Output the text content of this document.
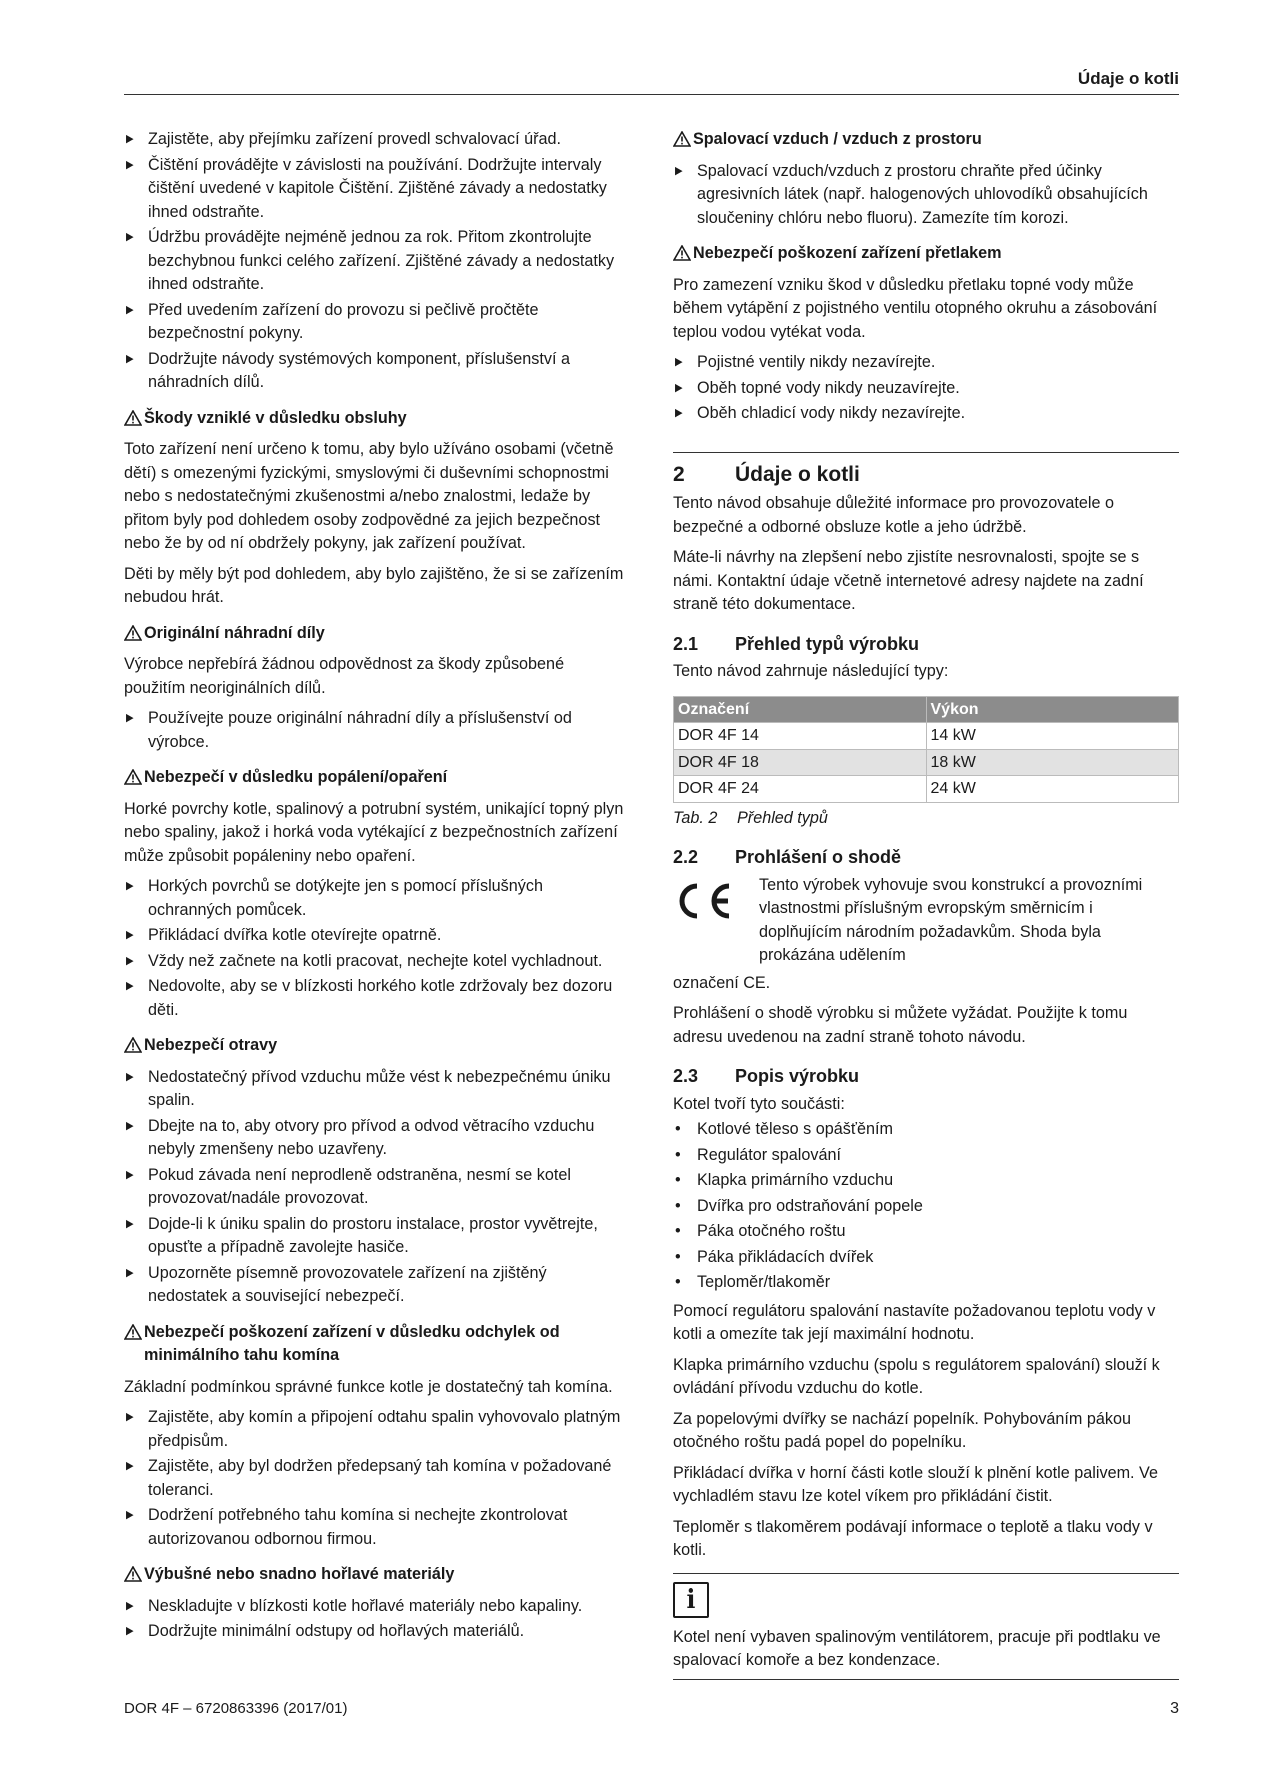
Údaje o kotli
▶ Zajistěte, aby přejímku zařízení provedl schvalovací úřad.
▶ Čištění provádějte v závislosti na používání. Dodržujte intervaly čištění uvedené v kapitole Čištění. Zjištěné závady a nedostatky ihned odstraňte.
▶ Údržbu provádějte nejméně jednou za rok. Přitom zkontrolujte bezchybnou funkci celého zařízení. Zjištěné závady a nedostatky ihned odstraňte.
▶ Před uvedením zařízení do provozu si pečlivě pročtěte bezpečnostní pokyny.
▶ Dodržujte návody systémových komponent, příslušenství a náhradních dílů.
Škody vzniklé v důsledku obsluhy

Toto zařízení není určeno k tomu, aby bylo užíváno osobami (včetně dětí) s omezenými fyzickými, smyslovými či duševními schopnostmi nebo s nedostatečnými zkušenostmi a/nebo znalostmi, ledaže by přitom byly pod dohledem osoby zodpovědné za jejich bezpečnost nebo že by od ní obdržely pokyny, jak zařízení používat.

Děti by měly být pod dohledem, aby bylo zajištěno, že si se zařízením nebudou hrát.

Originální náhradní díly

Výrobce nepřebírá žádnou odpovědnost za škody způsobené použitím neoriginálních dílů.

▶ Používejte pouze originální náhradní díly a příslušenství od výrobce.
Nebezpečí v důsledku popálení/opaření

Horké povrchy kotle, spalinový a potrubní systém, unikající topný plyn nebo spaliny, jakož i horká voda vytékající z bezpečnostních zařízení může způsobit popáleniny nebo opaření.

▶ Horkých povrchů se dotýkejte jen s pomocí příslušných ochranných pomůcek.
▶ Přikládací dvířka kotle otevírejte opatrně.
▶ Vždy než začnete na kotli pracovat, nechejte kotel vychladnout.
▶ Nedovolte, aby se v blízkosti horkého kotle zdržovaly bez dozoru děti.
Nebezpečí otravy
▶ Nedostatečný přívod vzduchu může vést k nebezpečnému úniku spalin.
▶ Dbejte na to, aby otvory pro přívod a odvod větracího vzduchu nebyly zmenšeny nebo uzavřeny.
▶ Pokud závada není neprodleně odstraněna, nesmí se kotel provozovat/nadále provozovat.
▶ Dojde-li k úniku spalin do prostoru instalace, prostor vyvětrejte, opusťte a případně zavolejte hasiče.
▶ Upozorněte písemně provozovatele zařízení na zjištěný nedostatek a související nebezpečí.
Nebezpečí poškození zařízení v důsledku odchylek od minimálního tahu komína

Základní podmínkou správné funkce kotle je dostatečný tah komína.

▶ Zajistěte, aby komín a připojení odtahu spalin vyhovovalo platným předpisům.
▶ Zajistěte, aby byl dodržen předepsaný tah komína v požadované toleranci.
▶ Dodržení potřebného tahu komína si nechejte zkontrolovat autorizovanou odbornou firmou.
Výbušné nebo snadno hořlavé materiály
▶ Neskladujte v blízkosti kotle hořlavé materiály nebo kapaliny.
▶ Dodržujte minimální odstupy od hořlavých materiálů.
Spalovací vzduch / vzduch z prostoru
▶ Spalovací vzduch/vzduch z prostoru chraňte před účinky agresivních látek (např. halogenových uhlovodíků obsahujících sloučeniny chlóru nebo fluoru). Zamezíte tím korozi.
Nebezpečí poškození zařízení přetlakem

Pro zamezení vzniku škod v důsledku přetlaku topné vody může během vytápění z pojistného ventilu otopného okruhu a zásobování teplou vodou vytékat voda.

▶ Pojistné ventily nikdy nezavírejte.
▶ Oběh topné vody nikdy neuzavírejte.
▶ Oběh chladicí vody nikdy nezavírejte.
2 Údaje o kotli

Tento návod obsahuje důležité informace pro provozovatele o bezpečné a odborné obsluze kotle a jeho údržbě.

Máte-li návrhy na zlepšení nebo zjistíte nesrovnalosti, spojte se s námi. Kontaktní údaje včetně internetové adresy najdete na zadní straně této dokumentace.

2.1 Přehled typů výrobku

Tento návod zahrnuje následující typy:

Označení	Výkon
DOR 4F 14	14 kW
DOR 4F 18	18 kW
DOR 4F 24	24 kW
Tab. 2 Přehled typů
2.2 Prohlášení o shodě
Tento výrobek vyhovuje svou konstrukcí a provozními vlastnostmi příslušným evropským směrnicím i doplňujícím národním požadavkům. Shoda byla prokázána udělením

označení CE.

Prohlášení o shodě výrobku si můžete vyžádat. Použijte k tomu adresu uvedenou na zadní straně tohoto návodu.

2.3 Popis výrobku

Kotel tvoří tyto součásti:

• Kotlové těleso s opášťěním
• Regulátor spalování
• Klapka primárního vzduchu
• Dvířka pro odstraňování popele
• Páka otočného roštu
• Páka přikládacích dvířek
• Teploměr/tlakoměr

Pomocí regulátoru spalování nastavíte požadovanou teplotu vody v kotli a omezíte tak její maximální hodnotu.

Klapka primárního vzduchu (spolu s regulátorem spalování) slouží k ovládání přívodu vzduchu do kotle.

Za popelovými dvířky se nachází popelník. Pohybováním pákou otočného roštu padá popel do popelníku.

Přikládací dvířka v horní části kotle slouží k plnění kotle palivem. Ve vychladlém stavu lze kotel víkem pro přikládání čistit.

Teploměr s tlakoměrem podávají informace o teplotě a tlaku vody v kotli.

i
Kotel není vybaven spalinovým ventilátorem, pracuje při podtlaku ve spalovací komoře a bez kondenzace.
DOR 4F – 6720863396 (2017/01)	3
